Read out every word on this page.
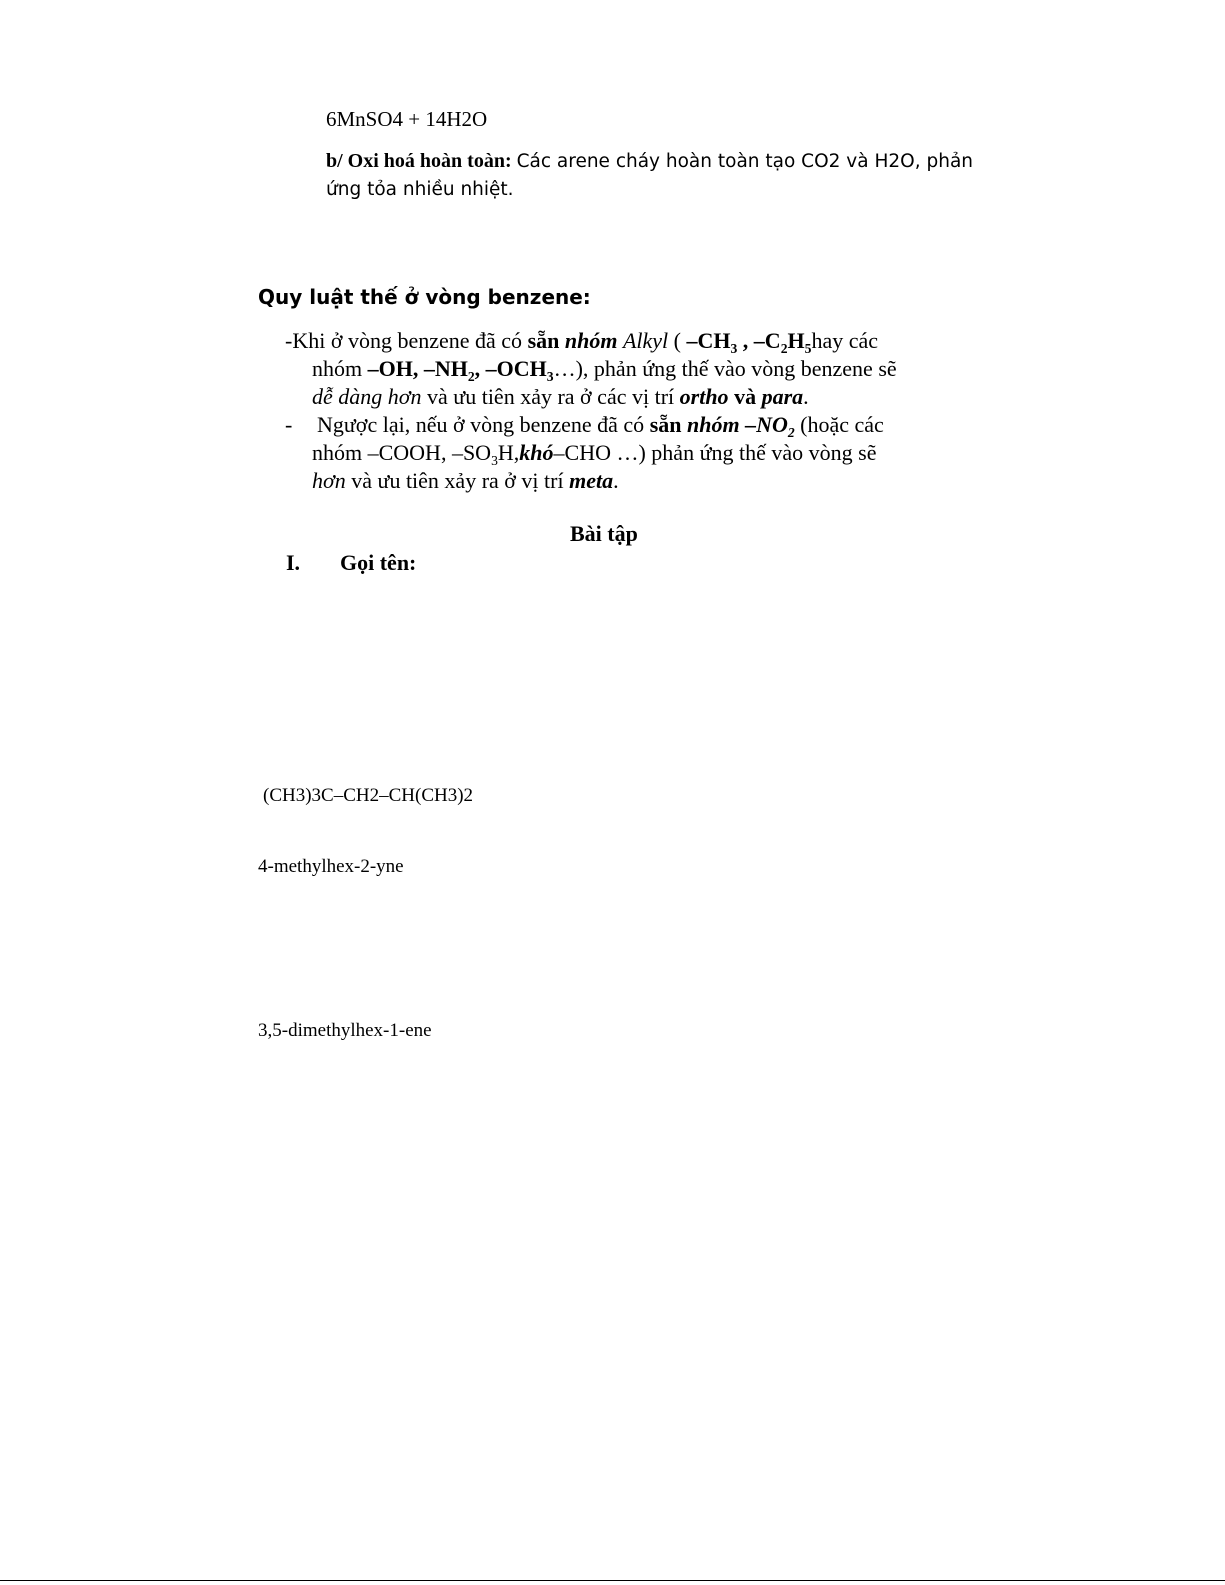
6MnSO4 + 14H2O
b/ Oxi hoá hoàn toàn: Các arene cháy hoàn toàn tạo CO2 và H2O, phản
ứng tỏa nhiều nhiệt.
Quy luật thế ở vòng benzene:
-Khi ở vòng benzene đã có sẵn nhóm Alkyl ( $-CH_3$ , $-C_2H_5hay$ các
nhóm –OH, $-NH_2$, $-OCH_3\dots$), phản ứng thế vào vòng benzene sẽ
dễ dàng hơn và ưu tiên xảy ra ở các vị trí ortho và para.
- Ngược lại, nếu ở vòng benzene đã có sẵn nhóm $-NO_2$ (hoặc các
nhóm –COOH, $-SO_3H,khó$–CHO …) phản ứng thế vào vòng sẽ
hơn và ưu tiên xảy ra ở vị trí meta.
Bài tập
I. Gọi tên:
(CH3)3C–CH2–CH(CH3)2
4-methylhex-2-yne
3,5-dimethylhex-1-ene
